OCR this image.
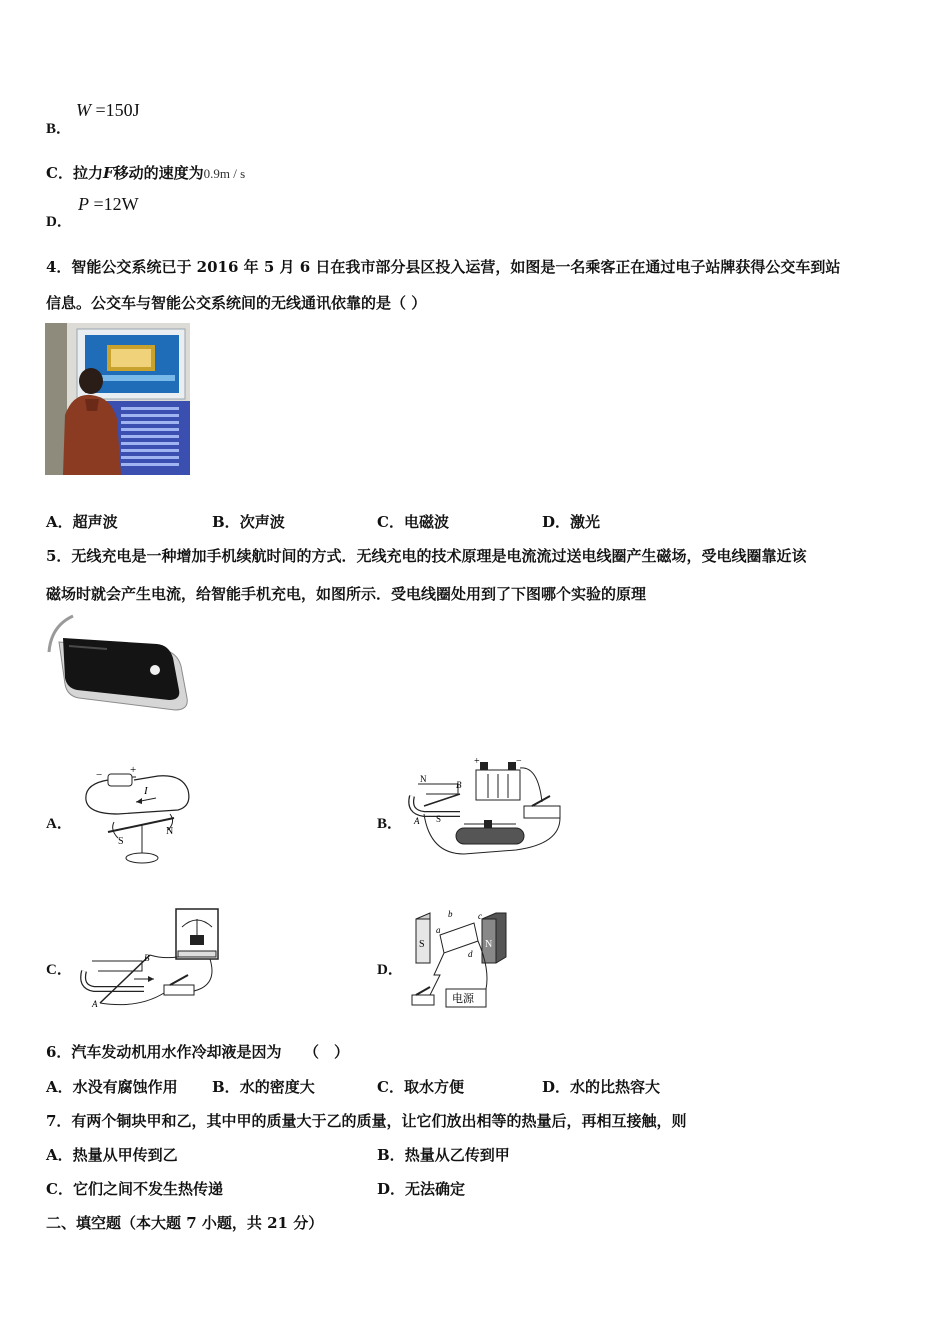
B．
W =150J
C．拉力F移动的速度为0.9m / s
D．
P =12W
4．智能公交系统已于 2016 年 5 月 6 日在我市部分县区投入运营，如图是一名乘客正在通过电子站牌获得公交车到站
信息。公交车与智能公交系统间的无线通讯依靠的是（ ）
A．超声波	B．次声波	C．电磁波	D．激光
5．无线充电是一种增加手机续航时间的方式．无线充电的技术原理是电流流过送电线圈产生磁场，受电线圈靠近该
磁场时就会产生电流，给智能手机充电，如图所示．受电线圈处用到了下图哪个实验的原理
A．
−	+
I
S
N	B．
N
B
A S
+	−
C．
B
A
D．
S	N
a
b	c
d
电源
6．汽车发动机用水作冷却液是因为　　（　）
A．水没有腐蚀作用 B．水的密度大	C．取水方便	D．水的比热容大
7．有两个铜块甲和乙，其中甲的质量大于乙的质量，让它们放出相等的热量后，再相互接触，则
A．热量从甲传到乙	B．热量从乙传到甲
C．它们之间不发生热传递	D．无法确定
二、填空题（本大题 7 小题，共 21 分）
